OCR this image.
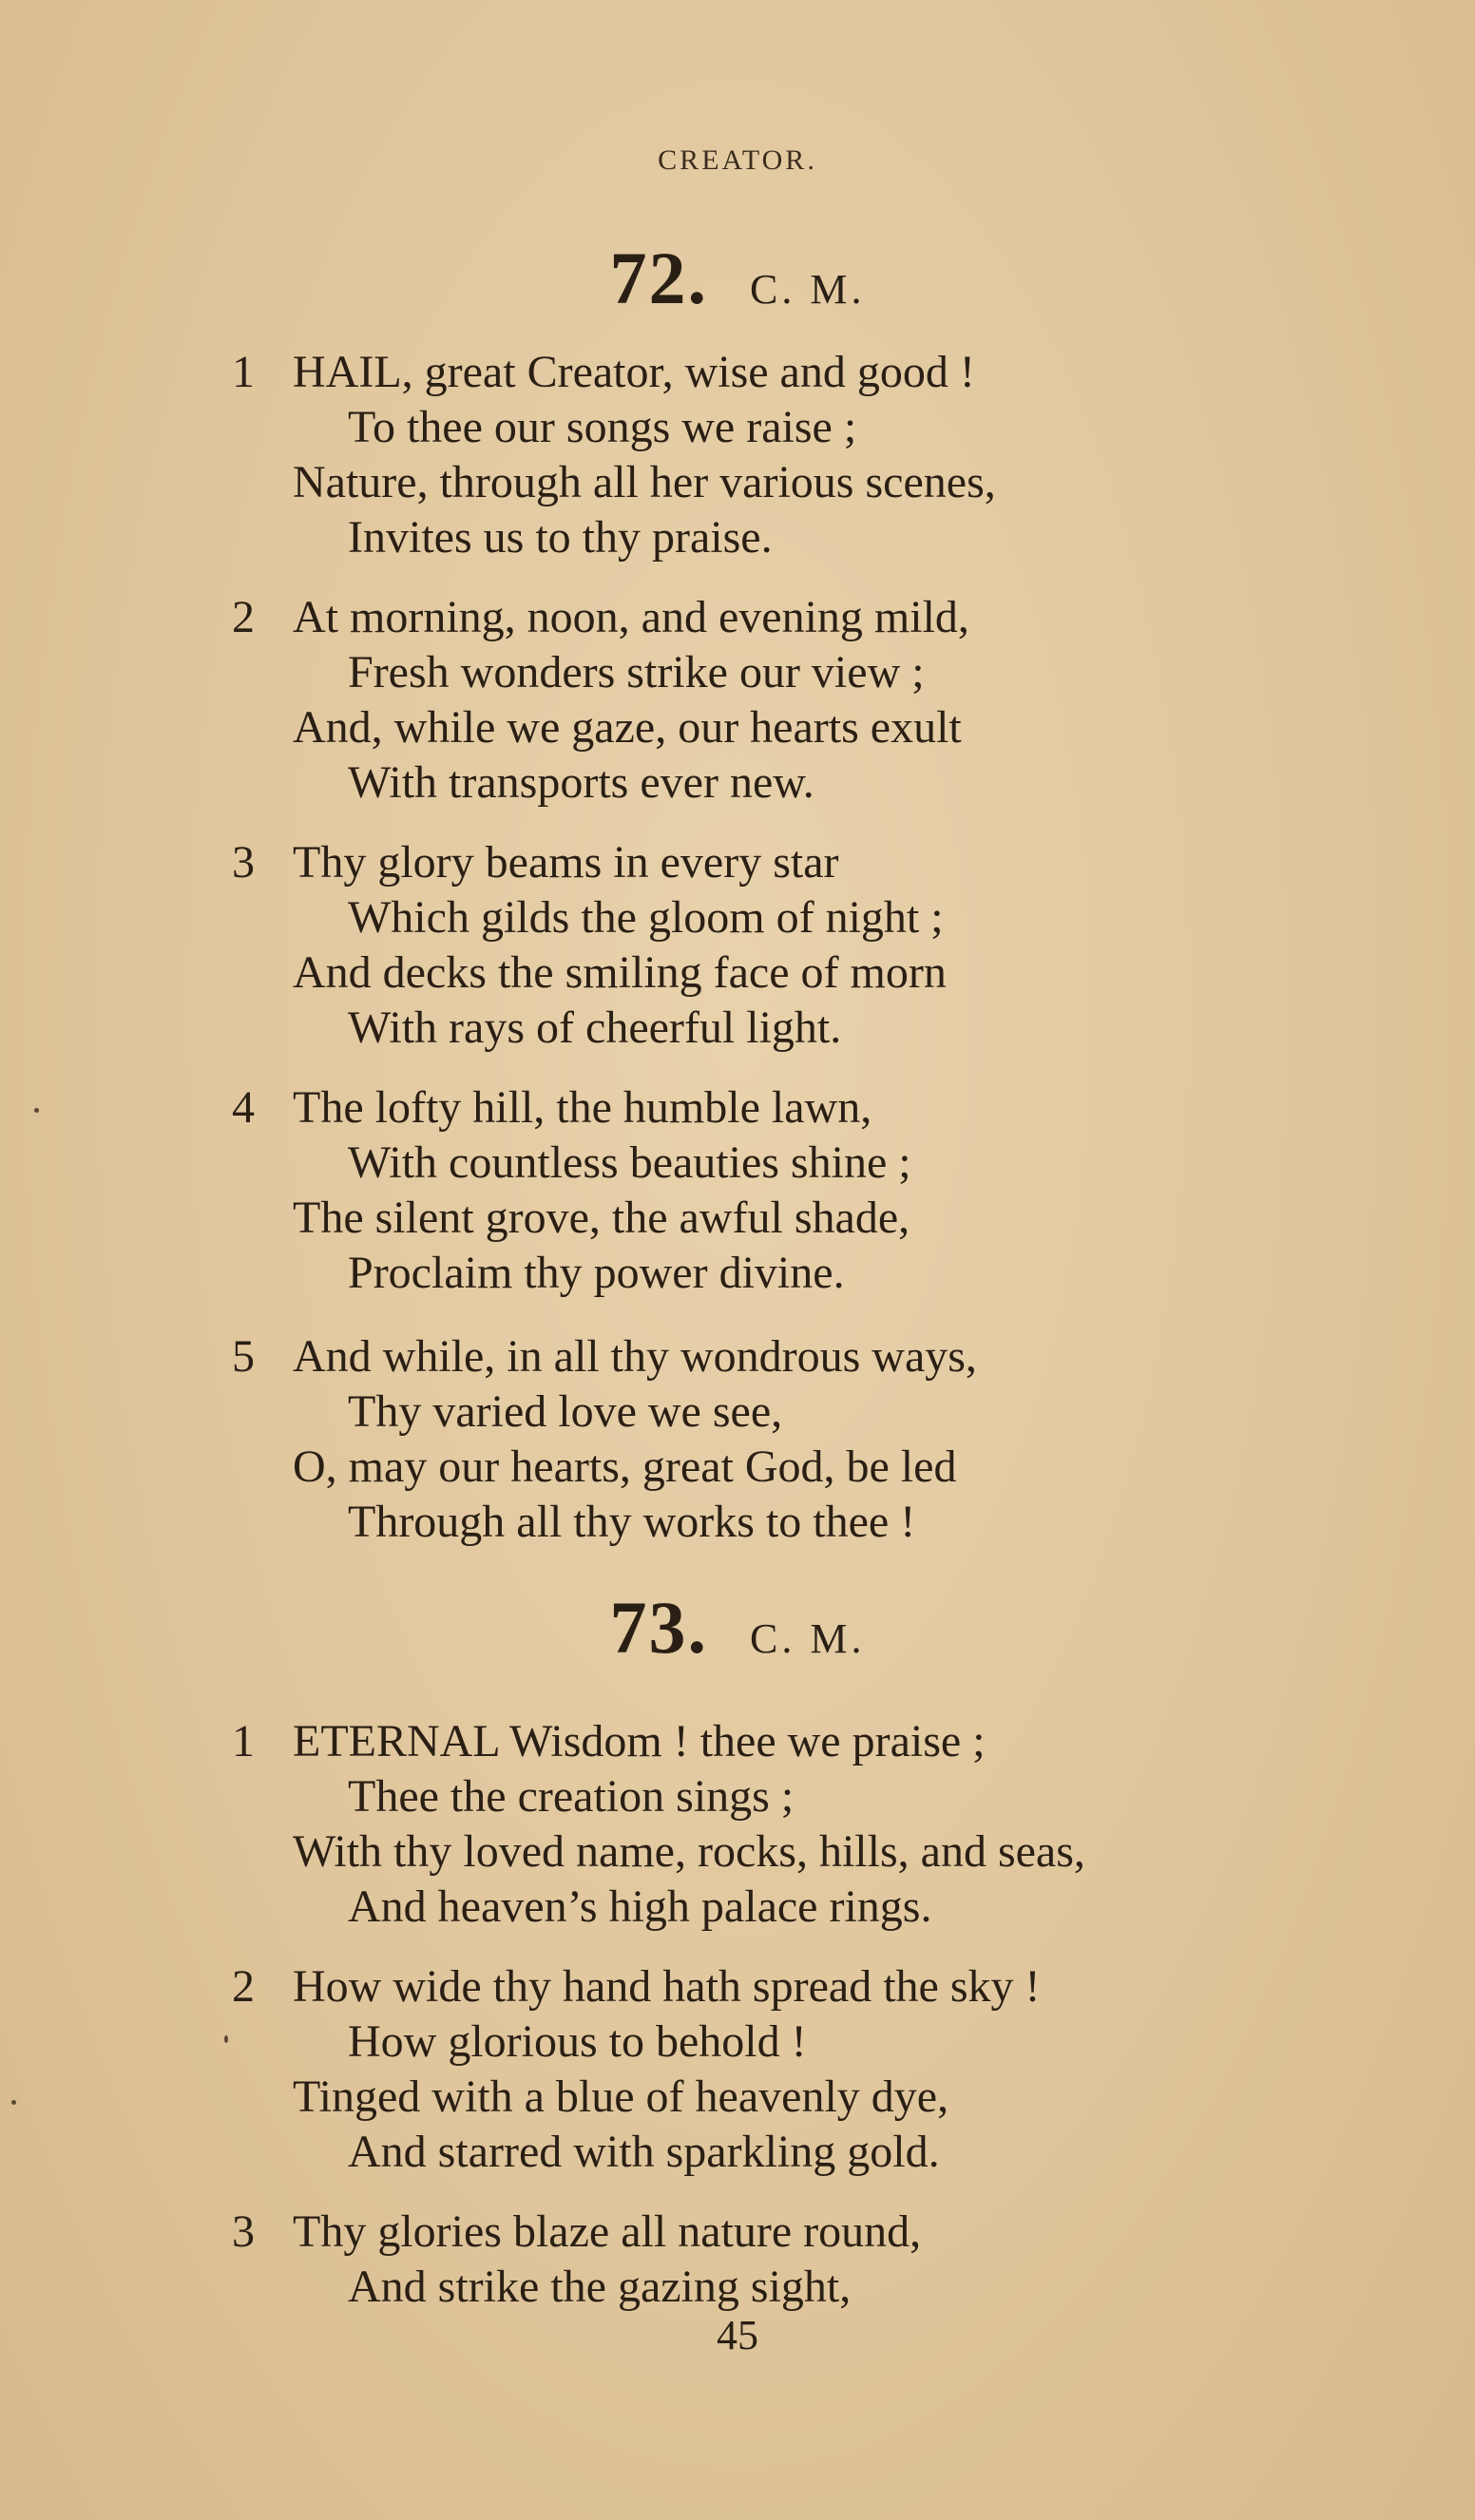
CREATOR.
72. C. M.
1 HAIL, great Creator, wise and good !
To thee our songs we raise ;
Nature, through all her various scenes,
Invites us to thy praise.
2 At morning, noon, and evening mild,
Fresh wonders strike our view ;
And, while we gaze, our hearts exult
With transports ever new.
3 Thy glory beams in every star
Which gilds the gloom of night ;
And decks the smiling face of morn
With rays of cheerful light.
4 The lofty hill, the humble lawn,
With countless beauties shine ;
The silent grove, the awful shade,
Proclaim thy power divine.
5 And while, in all thy wondrous ways,
Thy varied love we see,
O, may our hearts, great God, be led
Through all thy works to thee !
73. C. M.
1 ETERNAL Wisdom ! thee we praise ;
Thee the creation sings ;
With thy loved name, rocks, hills, and seas,
And heaven’s high palace rings.
2 How wide thy hand hath spread the sky !
How glorious to behold !
Tinged with a blue of heavenly dye,
And starred with sparkling gold.
3 Thy glories blaze all nature round,
And strike the gazing sight,
45
